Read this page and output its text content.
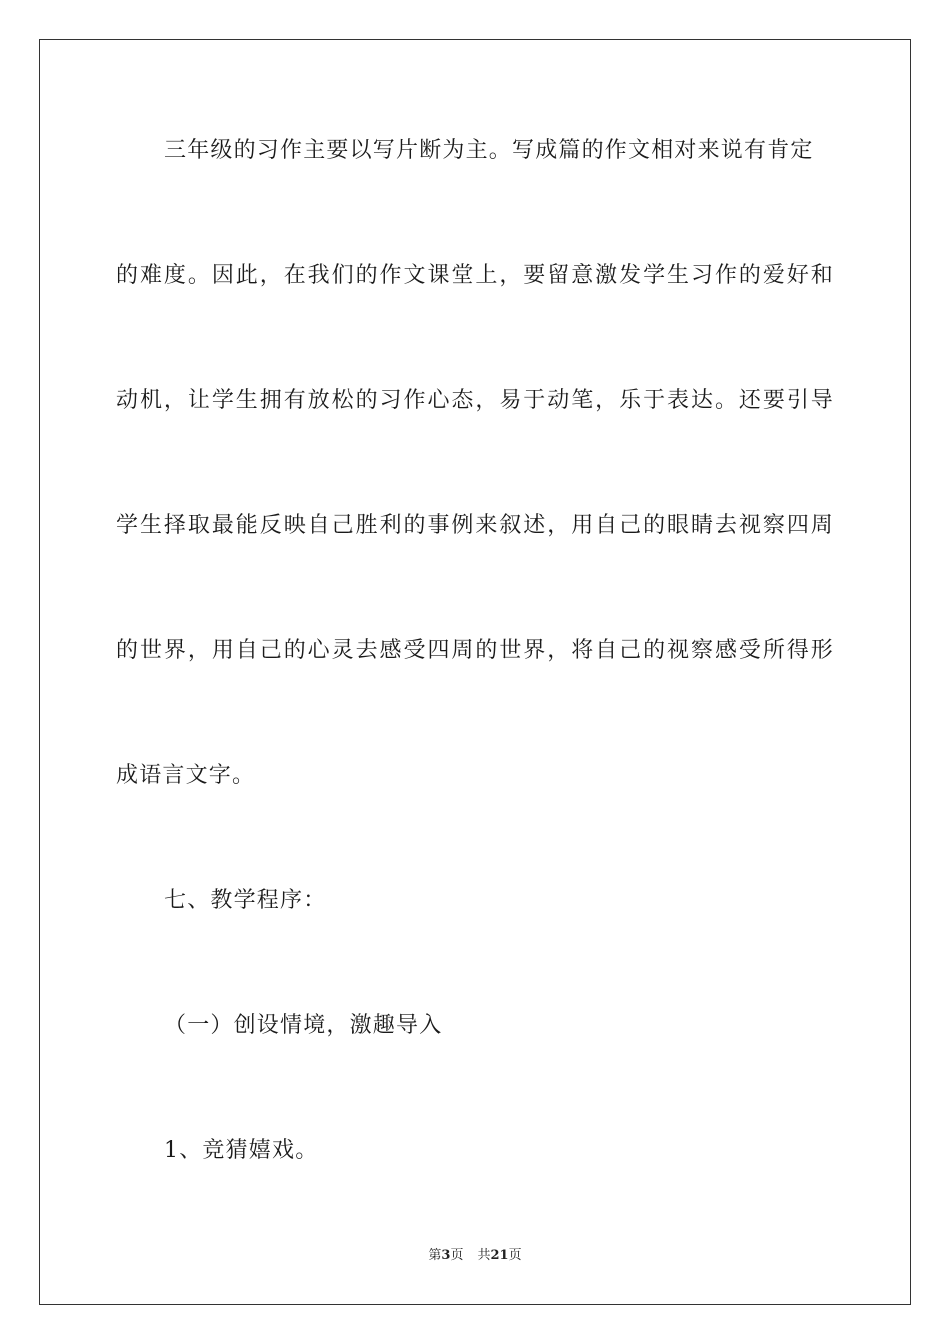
三年级的习作主要以写片断为主。写成篇的作文相对来说有肯定
的难度。因此，在我们的作文课堂上，要留意激发学生习作的爱好和
动机，让学生拥有放松的习作心态，易于动笔，乐于表达。还要引导
学生择取最能反映自己胜利的事例来叙述，用自己的眼睛去视察四周
的世界，用自己的心灵去感受四周的世界，将自己的视察感受所得形
成语言文字。
七、教学程序：
（一）创设情境，激趣导入
1、竞猜嬉戏。
第3页 共21页
